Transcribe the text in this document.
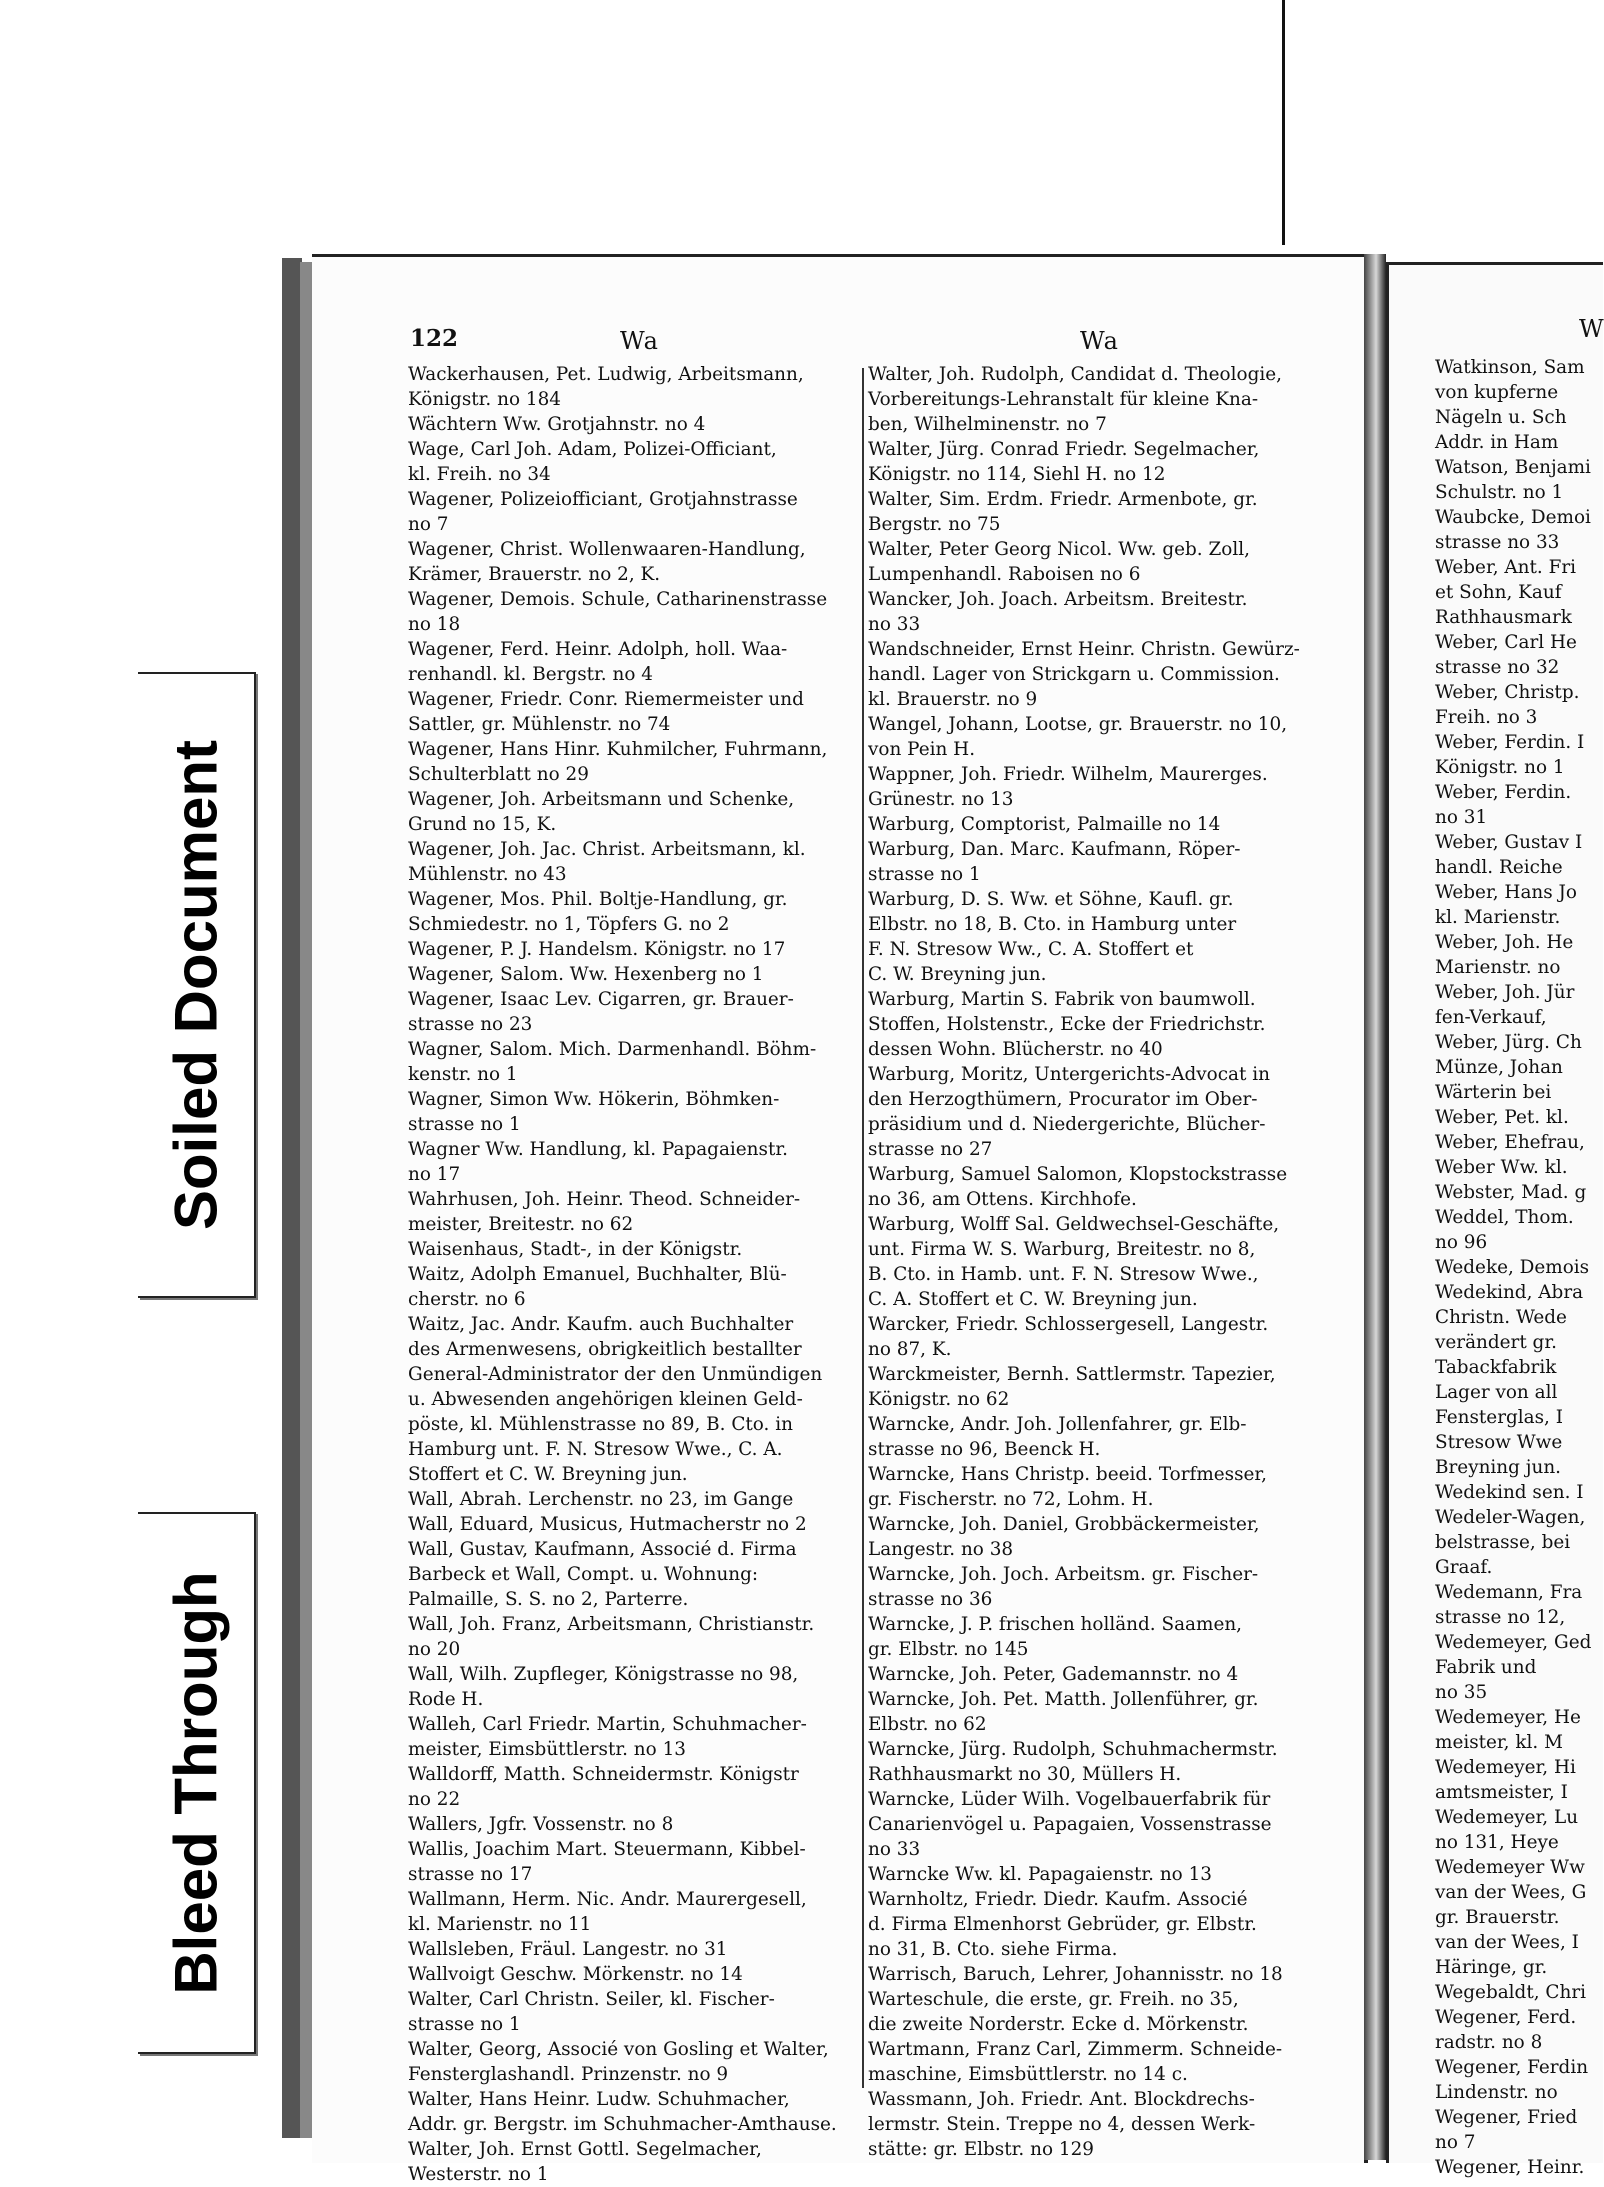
122	Wa	Wa
Wackerhausen, Pet. Ludwig, Arbeitsmann,
Königstr. no 184
Wächtern Ww. Grotjahnstr. no 4
Wage, Carl Joh. Adam, Polizei-Officiant,
kl. Freih. no 34
Wagener, Polizeiofficiant, Grotjahnstrasse
no 7
Wagener, Christ. Wollenwaaren-Handlung,
Krämer, Brauerstr. no 2, K.
Wagener, Demois. Schule, Catharinenstrasse
no 18
Wagener, Ferd. Heinr. Adolph, holl. Waa-
renhandl. kl. Bergstr. no 4
Wagener, Friedr. Conr. Riemermeister und
Sattler, gr. Mühlenstr. no 74
Wagener, Hans Hinr. Kuhmilcher, Fuhrmann,
Schulterblatt no 29
Wagener, Joh. Arbeitsmann und Schenke,
Grund no 15, K.
Wagener, Joh. Jac. Christ. Arbeitsmann, kl.
Mühlenstr. no 43
Wagener, Mos. Phil. Boltje-Handlung, gr.
Schmiedestr. no 1, Töpfers G. no 2
Wagener, P. J. Handelsm. Königstr. no 17
Wagener, Salom. Ww. Hexenberg no 1
Wagener, Isaac Lev. Cigarren, gr. Brauer-
strasse no 23
Wagner, Salom. Mich. Darmenhandl. Böhm-
kenstr. no 1
Wagner, Simon Ww. Hökerin, Böhmken-
strasse no 1
Wagner Ww. Handlung, kl. Papagaienstr.
no 17
Wahrhusen, Joh. Heinr. Theod. Schneider-
meister, Breitestr. no 62
Waisenhaus, Stadt-, in der Königstr.
Waitz, Adolph Emanuel, Buchhalter, Blü-
cherstr. no 6
Waitz, Jac. Andr. Kaufm. auch Buchhalter
des Armenwesens, obrigkeitlich bestallter
General-Administrator der den Unmündigen
u. Abwesenden angehörigen kleinen Geld-
pöste, kl. Mühlenstrasse no 89, B. Cto. in
Hamburg unt. F. N. Stresow Wwe., C. A.
Stoffert et C. W. Breyning jun.
Wall, Abrah. Lerchenstr. no 23, im Gange
Wall, Eduard, Musicus, Hutmacherstr no 2
Wall, Gustav, Kaufmann, Associé d. Firma
Barbeck et Wall, Compt. u. Wohnung:
Palmaille, S. S. no 2, Parterre.
Wall, Joh. Franz, Arbeitsmann, Christianstr.
no 20
Wall, Wilh. Zupfleger, Königstrasse no 98,
Rode H.
Walleh, Carl Friedr. Martin, Schuhmacher-
meister, Eimsbüttlerstr. no 13
Walldorff, Matth. Schneidermstr. Königstr
no 22
Wallers, Jgfr. Vossenstr. no 8
Wallis, Joachim Mart. Steuermann, Kibbel-
strasse no 17
Wallmann, Herm. Nic. Andr. Maurergesell,
kl. Marienstr. no 11
Wallsleben, Fräul. Langestr. no 31
Wallvoigt Geschw. Mörkenstr. no 14
Walter, Carl Christn. Seiler, kl. Fischer-
strasse no 1
Walter, Georg, Associé von Gosling et Walter,
Fensterglashandl. Prinzenstr. no 9
Walter, Hans Heinr. Ludw. Schuhmacher,
Addr. gr. Bergstr. im Schuhmacher-Amthause.
Walter, Joh. Ernst Gottl. Segelmacher,
Westerstr. no 1
Walter, Joh. Rudolph, Candidat d. Theologie,
Vorbereitungs-Lehranstalt für kleine Kna-
ben, Wilhelminenstr. no 7
Walter, Jürg. Conrad Friedr. Segelmacher,
Königstr. no 114, Siehl H. no 12
Walter, Sim. Erdm. Friedr. Armenbote, gr.
Bergstr. no 75
Walter, Peter Georg Nicol. Ww. geb. Zoll,
Lumpenhandl. Raboisen no 6
Wancker, Joh. Joach. Arbeitsm. Breitestr.
no 33
Wandschneider, Ernst Heinr. Christn. Gewürz-
handl. Lager von Strickgarn u. Commission.
kl. Brauerstr. no 9
Wangel, Johann, Lootse, gr. Brauerstr. no 10,
von Pein H.
Wappner, Joh. Friedr. Wilhelm, Maurerges.
Grünestr. no 13
Warburg, Comptorist, Palmaille no 14
Warburg, Dan. Marc. Kaufmann, Röper-
strasse no 1
Warburg, D. S. Ww. et Söhne, Kaufl. gr.
Elbstr. no 18, B. Cto. in Hamburg unter
F. N. Stresow Ww., C. A. Stoffert et
C. W. Breyning jun.
Warburg, Martin S. Fabrik von baumwoll.
Stoffen, Holstenstr., Ecke der Friedrichstr.
dessen Wohn. Blücherstr. no 40
Warburg, Moritz, Untergerichts-Advocat in
den Herzogthümern, Procurator im Ober-
präsidium und d. Niedergerichte, Blücher-
strasse no 27
Warburg, Samuel Salomon, Klopstockstrasse
no 36, am Ottens. Kirchhofe.
Warburg, Wolff Sal. Geldwechsel-Geschäfte,
unt. Firma W. S. Warburg, Breitestr. no 8,
B. Cto. in Hamb. unt. F. N. Stresow Wwe.,
C. A. Stoffert et C. W. Breyning jun.
Warcker, Friedr. Schlossergesell, Langestr.
no 87, K.
Warckmeister, Bernh. Sattlermstr. Tapezier,
Königstr. no 62
Warncke, Andr. Joh. Jollenfahrer, gr. Elb-
strasse no 96, Beenck H.
Warncke, Hans Christp. beeid. Torfmesser,
gr. Fischerstr. no 72, Lohm. H.
Warncke, Joh. Daniel, Grobbäckermeister,
Langestr. no 38
Warncke, Joh. Joch. Arbeitsm. gr. Fischer-
strasse no 36
Warncke, J. P. frischen holländ. Saamen,
gr. Elbstr. no 145
Warncke, Joh. Peter, Gademannstr. no 4
Warncke, Joh. Pet. Matth. Jollenführer, gr.
Elbstr. no 62
Warncke, Jürg. Rudolph, Schuhmachermstr.
Rathhausmarkt no 30, Müllers H.
Warncke, Lüder Wilh. Vogelbauerfabrik für
Canarienvögel u. Papagaien, Vossenstrasse
no 33
Warncke Ww. kl. Papagaienstr. no 13
Warnholtz, Friedr. Diedr. Kaufm. Associé
d. Firma Elmenhorst Gebrüder, gr. Elbstr.
no 31, B. Cto. siehe Firma.
Warrisch, Baruch, Lehrer, Johannisstr. no 18
Warteschule, die erste, gr. Freih. no 35,
die zweite Norderstr. Ecke d. Mörkenstr.
Wartmann, Franz Carl, Zimmerm. Schneide-
maschine, Eimsbüttlerstr. no 14 c.
Wassmann, Joh. Friedr. Ant. Blockdrechs-
lermstr. Stein. Treppe no 4, dessen Werk-
stätte: gr. Elbstr. no 129
W
Watkinson, Sam
von kupferne
Nägeln u. Sch
Addr. in Ham
Watson, Benjami
Schulstr. no 1
Waubcke, Demoi
strasse no 33
Weber, Ant. Fri
et Sohn, Kauf
Rathhausmark
Weber, Carl He
strasse no 32
Weber, Christp.
Freih. no 3
Weber, Ferdin. I
Königstr. no 1
Weber, Ferdin.
no 31
Weber, Gustav I
handl. Reiche
Weber, Hans Jo
kl. Marienstr.
Weber, Joh. He
Marienstr. no
Weber, Joh. Jür
fen-Verkauf,
Weber, Jürg. Ch
Münze, Johan
Wärterin bei
Weber, Pet. kl.
Weber, Ehefrau,
Weber Ww. kl.
Webster, Mad. g
Weddel, Thom.
no 96
Wedeke, Demois
Wedekind, Abra
Christn. Wede
verändert gr.
Tabackfabrik
Lager von all
Fensterglas, I
Stresow Wwe
Breyning jun.
Wedekind sen. I
Wedeler-Wagen,
belstrasse, bei
Graaf.
Wedemann, Fra
strasse no 12,
Wedemeyer, Ged
Fabrik und
no 35
Wedemeyer, He
meister, kl. M
Wedemeyer, Hi
amtsmeister, I
Wedemeyer, Lu
no 131, Heye
Wedemeyer Ww
van der Wees, G
gr. Brauerstr.
van der Wees, I
Häringe, gr.
Wegebaldt, Chri
Wegener, Ferd.
radstr. no 8
Wegener, Ferdin
Lindenstr. no
Wegener, Fried
no 7
Wegener, Heinr.
Soiled Document
Bleed Through
